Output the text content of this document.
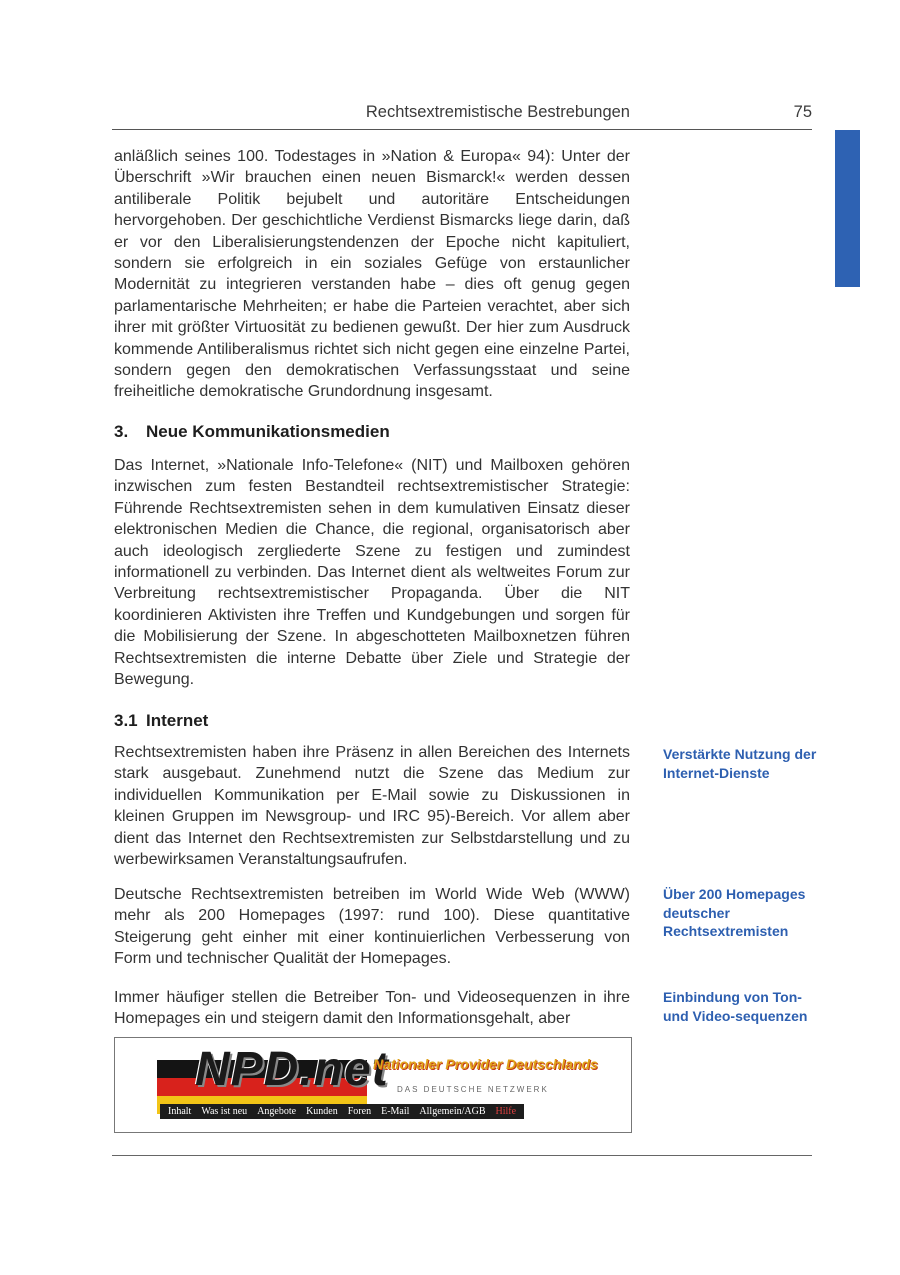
Rechtsextremistische Bestrebungen	75

anläßlich seines 100. Todestages in »Nation & Europa« 94): Unter der Überschrift »Wir brauchen einen neuen Bismarck!« werden dessen antiliberale Politik bejubelt und autoritäre Entscheidungen hervorgehoben. Der geschichtliche Verdienst Bismarcks liege darin, daß er vor den Liberalisierungstendenzen der Epoche nicht kapituliert, sondern sie erfolgreich in ein soziales Gefüge von erstaunlicher Modernität zu integrieren verstanden habe – dies oft genug gegen parlamentarische Mehrheiten; er habe die Parteien verachtet, aber sich ihrer mit größter Virtuosität zu bedienen gewußt. Der hier zum Ausdruck kommende Antiliberalismus richtet sich nicht gegen eine einzelne Partei, sondern gegen den demokratischen Verfassungsstaat und seine freiheitliche demokratische Grundordnung insgesamt.

3. Neue Kommunikationsmedien

Das Internet, »Nationale Info-Telefone« (NIT) und Mailboxen gehören inzwischen zum festen Bestandteil rechtsextremistischer Strategie: Führende Rechtsextremisten sehen in dem kumulativen Einsatz dieser elektronischen Medien die Chance, die regional, organisatorisch aber auch ideologisch zergliederte Szene zu festigen und zumindest informationell zu verbinden. Das Internet dient als weltweites Forum zur Verbreitung rechtsextremistischer Propaganda. Über die NIT koordinieren Aktivisten ihre Treffen und Kundgebungen und sorgen für die Mobilisierung der Szene. In abgeschotteten Mailboxnetzen führen Rechtsextremisten die interne Debatte über Ziele und Strategie der Bewegung.

3.1 Internet

Rechtsextremisten haben ihre Präsenz in allen Bereichen des Internets stark ausgebaut. Zunehmend nutzt die Szene das Medium zur individuellen Kommunikation per E-Mail sowie zu Diskussionen in kleinen Gruppen im Newsgroup- und IRC 95)-Bereich. Vor allem aber dient das Internet den Rechtsextremisten zur Selbstdarstellung und zu werbewirksamen Veranstaltungsaufrufen.

Deutsche Rechtsextremisten betreiben im World Wide Web (WWW) mehr als 200 Homepages (1997: rund 100). Diese quantitative Steigerung geht einher mit einer kontinuierlichen Verbesserung von Form und technischer Qualität der Homepages.

Immer häufiger stellen die Betreiber Ton- und Videosequenzen in ihre Homepages ein und steigern damit den Informationsgehalt, aber

Verstärkte Nutzung der Internet-Dienste

Über 200 Homepages deutscher Rechtsextremisten

Einbindung von Ton- und Video-sequenzen

NPD.net
Nationaler Provider Deutschlands
DAS DEUTSCHE NETZWERK
Inhalt	Was ist neu	Angebote	Kunden	Foren	E-Mail	Allgemein/AGB	Hilfe
